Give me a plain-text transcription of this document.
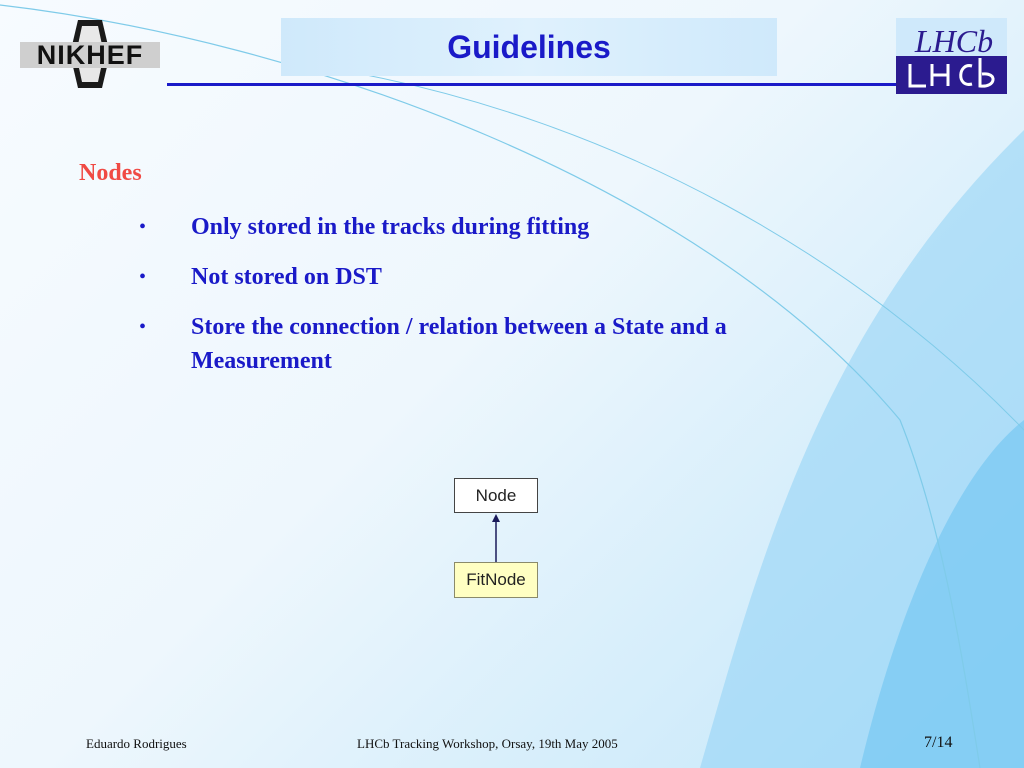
NIKHEF	Guidelines	LHCb
Nodes
•	Only stored in the tracks during fitting
•	Not stored on DST
•	Store the connection / relation between a State and a Measurement
Node
FitNode
Eduardo Rodrigues	LHCb Tracking Workshop, Orsay, 19th May 2005	7/14
